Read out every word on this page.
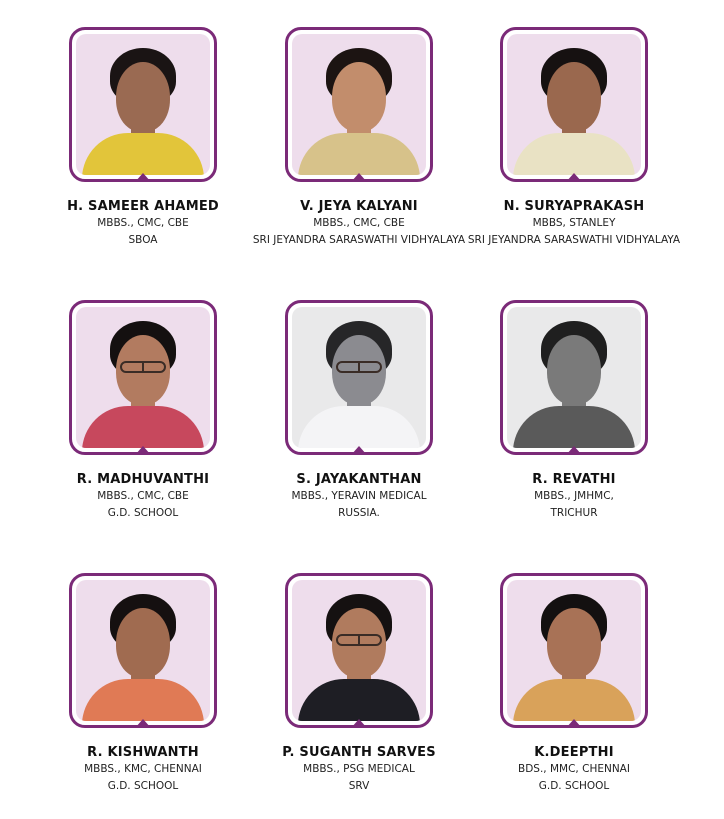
H. SAMEER AHAMED
MBBS., CMC, CBE
SBOA
V. JEYA KALYANI
MBBS., CMC, CBE
SRI JEYANDRA SARASWATHI VIDHYALAYA
N. SURYAPRAKASH
MBBS, STANLEY
SRI JEYANDRA SARASWATHI VIDHYALAYA
R. MADHUVANTHI
MBBS., CMC, CBE
G.D. SCHOOL
S. JAYAKANTHAN
MBBS., YERAVIN MEDICAL
RUSSIA.
R. REVATHI
MBBS., JMHMC,
TRICHUR
R. KISHWANTH
MBBS., KMC, CHENNAI
G.D. SCHOOL
P. SUGANTH SARVES
MBBS., PSG MEDICAL
SRV
K.DEEPTHI
BDS., MMC, CHENNAI
G.D. SCHOOL
